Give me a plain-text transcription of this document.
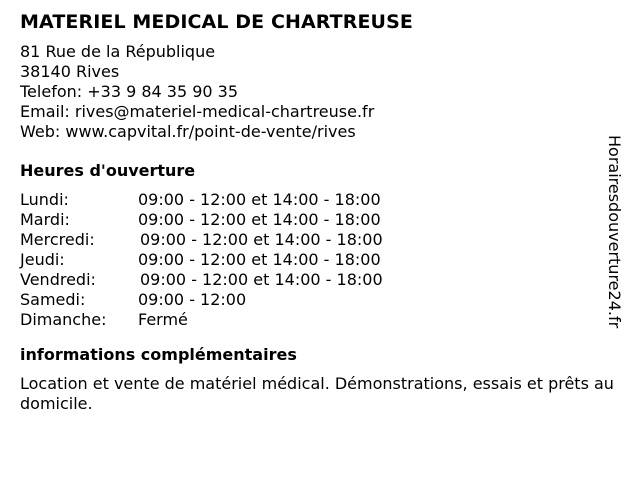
MATERIEL MEDICAL DE CHARTREUSE
81 Rue de la République
38140 Rives
Telefon: +33 9 84 35 90 35
Email: rives@materiel-medical-chartreuse.fr
Web: www.capvital.fr/point-de-vente/rives
Heures d'ouverture
Lundi:	09:00 - 12:00 et 14:00 - 18:00
Mardi:	09:00 - 12:00 et 14:00 - 18:00
Mercredi:	09:00 - 12:00 et 14:00 - 18:00
Jeudi:	09:00 - 12:00 et 14:00 - 18:00
Vendredi:	09:00 - 12:00 et 14:00 - 18:00
Samedi:	09:00 - 12:00
Dimanche:	Fermé
informations complémentaires
Location et vente de matériel médical. Démonstrations, essais et prêts au domicile.
Horairesdouverture24.fr
